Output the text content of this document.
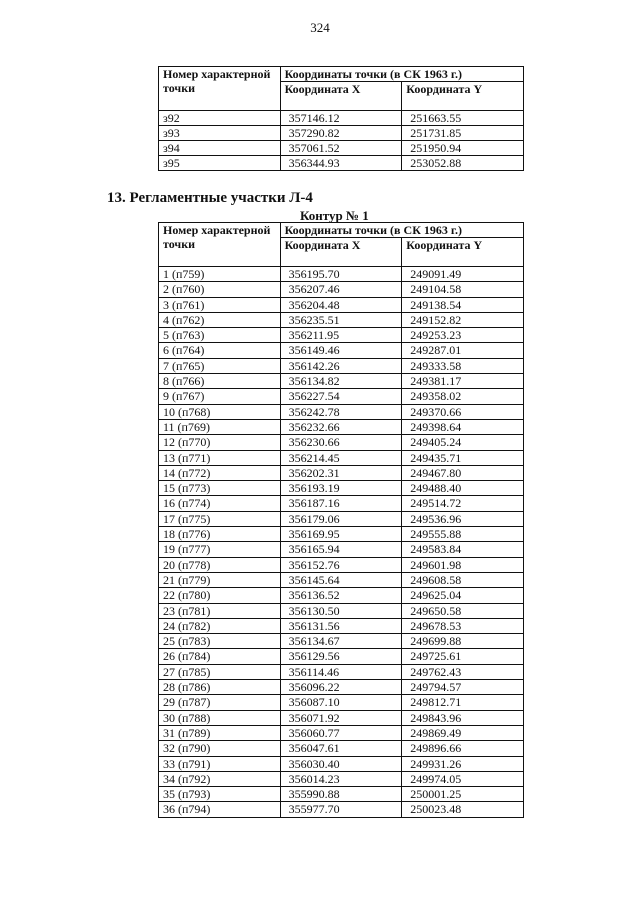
324
Номер характерной точки	Координаты точки (в СК 1963 г.)	
	Координата X	Координата Y
з92	357146.12	251663.55
з93	357290.82	251731.85
з94	357061.52	251950.94
з95	356344.93	253052.88
13. Регламентные участки Л-4
Контур № 1
Номер характерной точки	Координаты точки (в СК 1963 г.)	
	Координата X	Координата Y
1 (п759)	356195.70	249091.49
2 (п760)	356207.46	249104.58
3 (п761)	356204.48	249138.54
4 (п762)	356235.51	249152.82
5 (п763)	356211.95	249253.23
6 (п764)	356149.46	249287.01
7 (п765)	356142.26	249333.58
8 (п766)	356134.82	249381.17
9 (п767)	356227.54	249358.02
10 (п768)	356242.78	249370.66
11 (п769)	356232.66	249398.64
12 (п770)	356230.66	249405.24
13 (п771)	356214.45	249435.71
14 (п772)	356202.31	249467.80
15 (п773)	356193.19	249488.40
16 (п774)	356187.16	249514.72
17 (п775)	356179.06	249536.96
18 (п776)	356169.95	249555.88
19 (п777)	356165.94	249583.84
20 (п778)	356152.76	249601.98
21 (п779)	356145.64	249608.58
22 (п780)	356136.52	249625.04
23 (п781)	356130.50	249650.58
24 (п782)	356131.56	249678.53
25 (п783)	356134.67	249699.88
26 (п784)	356129.56	249725.61
27 (п785)	356114.46	249762.43
28 (п786)	356096.22	249794.57
29 (п787)	356087.10	249812.71
30 (п788)	356071.92	249843.96
31 (п789)	356060.77	249869.49
32 (п790)	356047.61	249896.66
33 (п791)	356030.40	249931.26
34 (п792)	356014.23	249974.05
35 (п793)	355990.88	250001.25
36 (п794)	355977.70	250023.48
